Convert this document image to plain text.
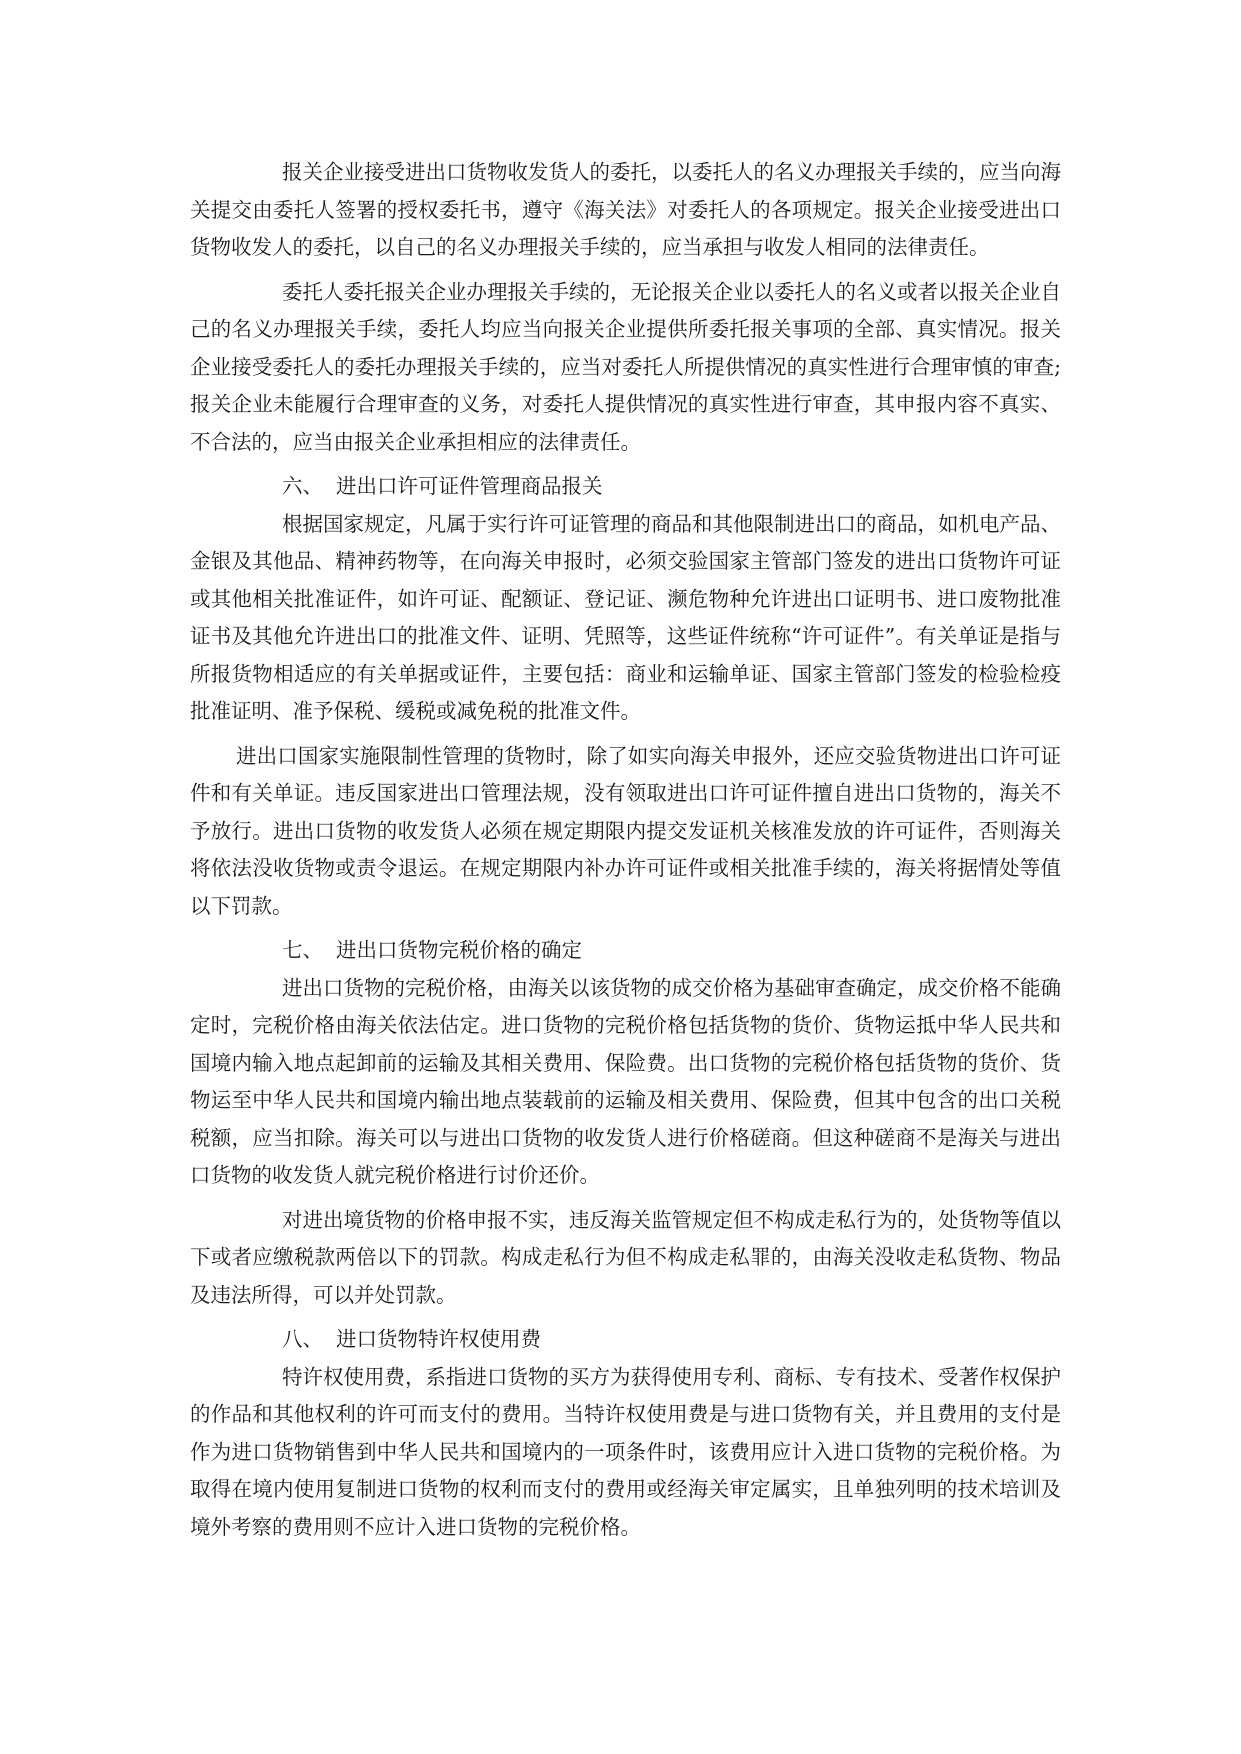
报关企业接受进出口货物收发货人的委托，以委托人的名义办理报关手续的，应当向海关提交由委托人签署的授权委托书，遵守《海关法》对委托人的各项规定。报关企业接受进出口货物收发人的委托，以自己的名义办理报关手续的，应当承担与收发人相同的法律责任。

委托人委托报关企业办理报关手续的，无论报关企业以委托人的名义或者以报关企业自己的名义办理报关手续，委托人均应当向报关企业提供所委托报关事项的全部、真实情况。报关企业接受委托人的委托办理报关手续的，应当对委托人所提供情况的真实性进行合理审慎的审查;报关企业未能履行合理审查的义务，对委托人提供情况的真实性进行审查，其申报内容不真实、不合法的，应当由报关企业承担相应的法律责任。

六、 进出口许可证件管理商品报关

根据国家规定，凡属于实行许可证管理的商品和其他限制进出口的商品，如机电产品、金银及其他品、精神药物等，在向海关申报时，必须交验国家主管部门签发的进出口货物许可证或其他相关批准证件，如许可证、配额证、登记证、濒危物种允许进出口证明书、进口废物批准证书及其他允许进出口的批准文件、证明、凭照等，这些证件统称“许可证件”。有关单证是指与所报货物相适应的有关单据或证件，主要包括：商业和运输单证、国家主管部门签发的检验检疫批准证明、准予保税、缓税或减免税的批准文件。

进出口国家实施限制性管理的货物时，除了如实向海关申报外，还应交验货物进出口许可证件和有关单证。违反国家进出口管理法规，没有领取进出口许可证件擅自进出口货物的，海关不予放行。进出口货物的收发货人必须在规定期限内提交发证机关核准发放的许可证件，否则海关将依法没收货物或责令退运。在规定期限内补办许可证件或相关批准手续的，海关将据情处等值以下罚款。

七、 进出口货物完税价格的确定

进出口货物的完税价格，由海关以该货物的成交价格为基础审查确定，成交价格不能确定时，完税价格由海关依法估定。进口货物的完税价格包括货物的货价、货物运抵中华人民共和国境内输入地点起卸前的运输及其相关费用、保险费。出口货物的完税价格包括货物的货价、货物运至中华人民共和国境内输出地点装载前的运输及相关费用、保险费，但其中包含的出口关税税额，应当扣除。海关可以与进出口货物的收发货人进行价格磋商。但这种磋商不是海关与进出口货物的收发货人就完税价格进行讨价还价。

对进出境货物的价格申报不实，违反海关监管规定但不构成走私行为的，处货物等值以下或者应缴税款两倍以下的罚款。构成走私行为但不构成走私罪的，由海关没收走私货物、物品及违法所得，可以并处罚款。

八、 进口货物特许权使用费

特许权使用费，系指进口货物的买方为获得使用专利、商标、专有技术、受著作权保护的作品和其他权利的许可而支付的费用。当特许权使用费是与进口货物有关，并且费用的支付是作为进口货物销售到中华人民共和国境内的一项条件时，该费用应计入进口货物的完税价格。为取得在境内使用复制进口货物的权利而支付的费用或经海关审定属实，且单独列明的技术培训及境外考察的费用则不应计入进口货物的完税价格。
